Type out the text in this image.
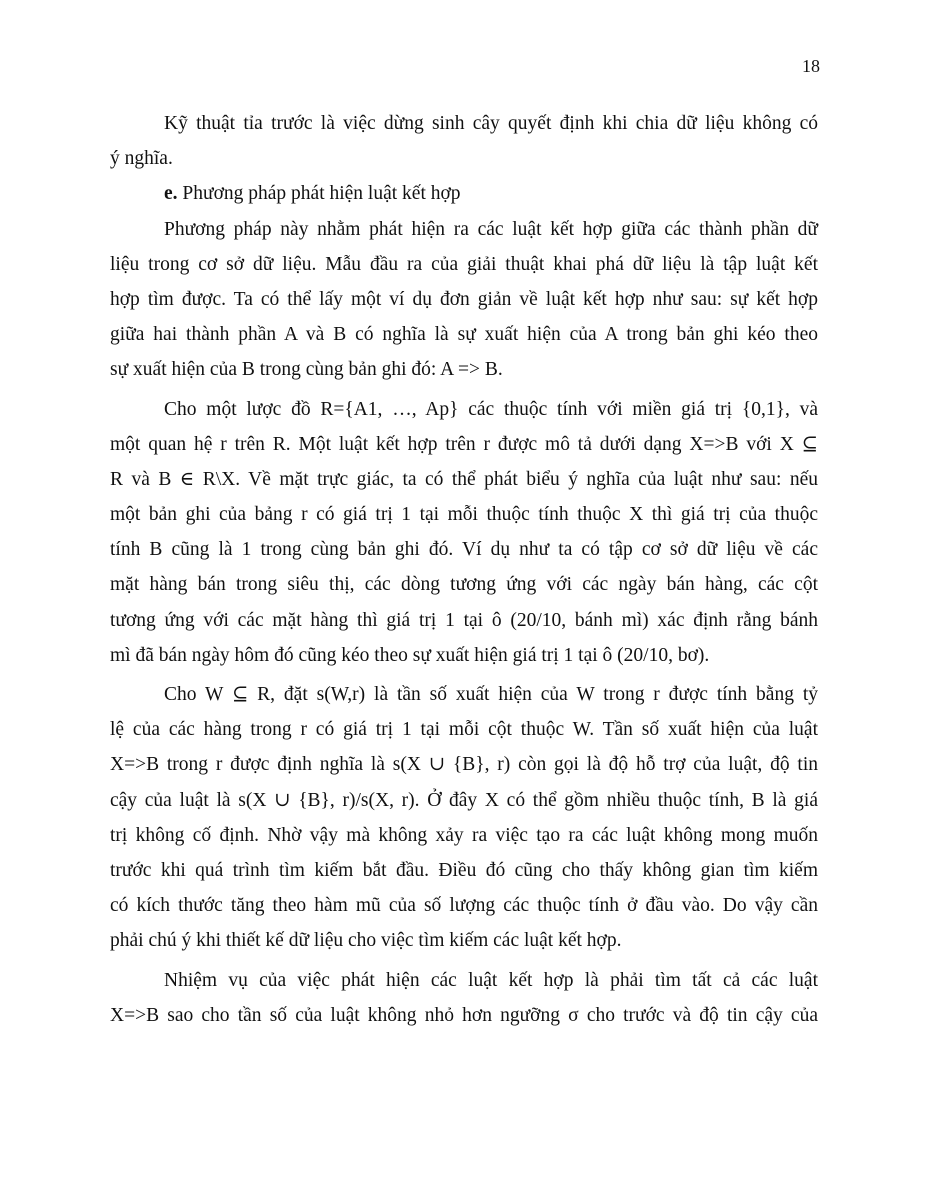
18
Kỹ thuật tỉa trước là việc dừng sinh cây quyết định khi chia dữ liệu không có
ý nghĩa.
e. Phương pháp phát hiện luật kết hợp
Phương pháp này nhằm phát hiện ra các luật kết hợp giữa các thành phần dữ
liệu trong cơ sở dữ liệu. Mẫu đầu ra của giải thuật khai phá dữ liệu là tập luật kết
hợp tìm được. Ta có thể lấy một ví dụ đơn giản về luật kết hợp như sau: sự kết hợp
giữa hai thành phần A và B có nghĩa là sự xuất hiện của A trong bản ghi kéo theo
sự xuất hiện của B trong cùng bản ghi đó: A => B.
Cho một lược đồ R={A1, …, Ap} các thuộc tính với miền giá trị {0,1}, và
một quan hệ r trên R. Một luật kết hợp trên r được mô tả dưới dạng X=>B với X ⊆
R và B ∈ R\X. Về mặt trực giác, ta có thể phát biểu ý nghĩa của luật như sau: nếu
một bản ghi của bảng r có giá trị 1 tại mỗi thuộc tính thuộc X thì giá trị của thuộc
tính B cũng là 1 trong cùng bản ghi đó. Ví dụ như ta có tập cơ sở dữ liệu về các
mặt hàng bán trong siêu thị, các dòng tương ứng với các ngày bán hàng, các cột
tương ứng với các mặt hàng thì giá trị 1 tại ô (20/10, bánh mì) xác định rằng bánh
mì đã bán ngày hôm đó cũng kéo theo sự xuất hiện giá trị 1 tại ô (20/10, bơ).
Cho W ⊆ R, đặt s(W,r) là tần số xuất hiện của W trong r được tính bằng tỷ
lệ của các hàng trong r có giá trị 1 tại mỗi cột thuộc W. Tần số xuất hiện của luật
X=>B trong r được định nghĩa là s(X ∪ {B}, r) còn gọi là độ hỗ trợ của luật, độ tin
cậy của luật là s(X ∪ {B}, r)/s(X, r). Ở đây X có thể gồm nhiều thuộc tính, B là giá
trị không cố định. Nhờ vậy mà không xảy ra việc tạo ra các luật không mong muốn
trước khi quá trình tìm kiếm bắt đầu. Điều đó cũng cho thấy không gian tìm kiếm
có kích thước tăng theo hàm mũ của số lượng các thuộc tính ở đầu vào. Do vậy cần
phải chú ý khi thiết kế dữ liệu cho việc tìm kiếm các luật kết hợp.
Nhiệm vụ của việc phát hiện các luật kết hợp là phải tìm tất cả các luật
X=>B sao cho tần số của luật không nhỏ hơn ngưỡng σ cho trước và độ tin cậy của
